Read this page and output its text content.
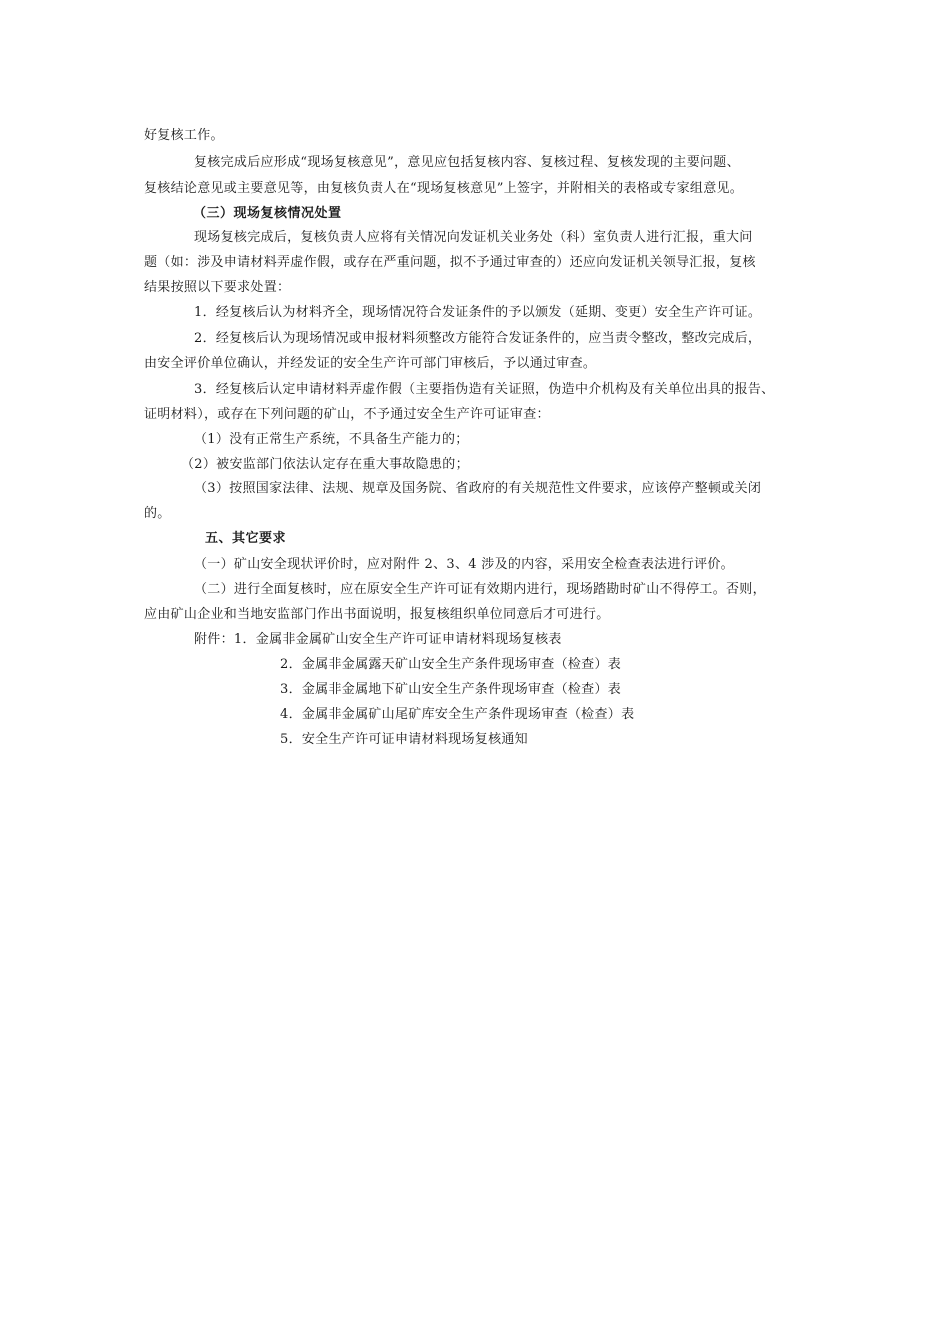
好复核工作。
复核完成后应形成“现场复核意见”，意见应包括复核内容、复核过程、复核发现的主要问题、
复核结论意见或主要意见等，由复核负责人在“现场复核意见”上签字，并附相关的表格或专家组意见。
（三）现场复核情况处置
现场复核完成后，复核负责人应将有关情况向发证机关业务处（科）室负责人进行汇报，重大问
题（如：涉及申请材料弄虚作假，或存在严重问题，拟不予通过审查的）还应向发证机关领导汇报，复核
结果按照以下要求处置：
1．经复核后认为材料齐全，现场情况符合发证条件的予以颁发（延期、变更）安全生产许可证。
2．经复核后认为现场情况或申报材料须整改方能符合发证条件的，应当责令整改，整改完成后，
由安全评价单位确认，并经发证的安全生产许可部门审核后，予以通过审查。
3．经复核后认定申请材料弄虚作假（主要指伪造有关证照，伪造中介机构及有关单位出具的报告、
证明材料），或存在下列问题的矿山，不予通过安全生产许可证审查：
（1）没有正常生产系统，不具备生产能力的；
（2）被安监部门依法认定存在重大事故隐患的；
（3）按照国家法律、法规、规章及国务院、省政府的有关规范性文件要求，应该停产整顿或关闭
的。
五、其它要求
（一）矿山安全现状评价时，应对附件 2、3、4 涉及的内容，采用安全检查表法进行评价。
（二）进行全面复核时，应在原安全生产许可证有效期内进行，现场踏勘时矿山不得停工。否则，
应由矿山企业和当地安监部门作出书面说明，报复核组织单位同意后才可进行。
附件：1．金属非金属矿山安全生产许可证申请材料现场复核表
2．金属非金属露天矿山安全生产条件现场审查（检查）表
3．金属非金属地下矿山安全生产条件现场审查（检查）表
4．金属非金属矿山尾矿库安全生产条件现场审查（检查）表
5．安全生产许可证申请材料现场复核通知
